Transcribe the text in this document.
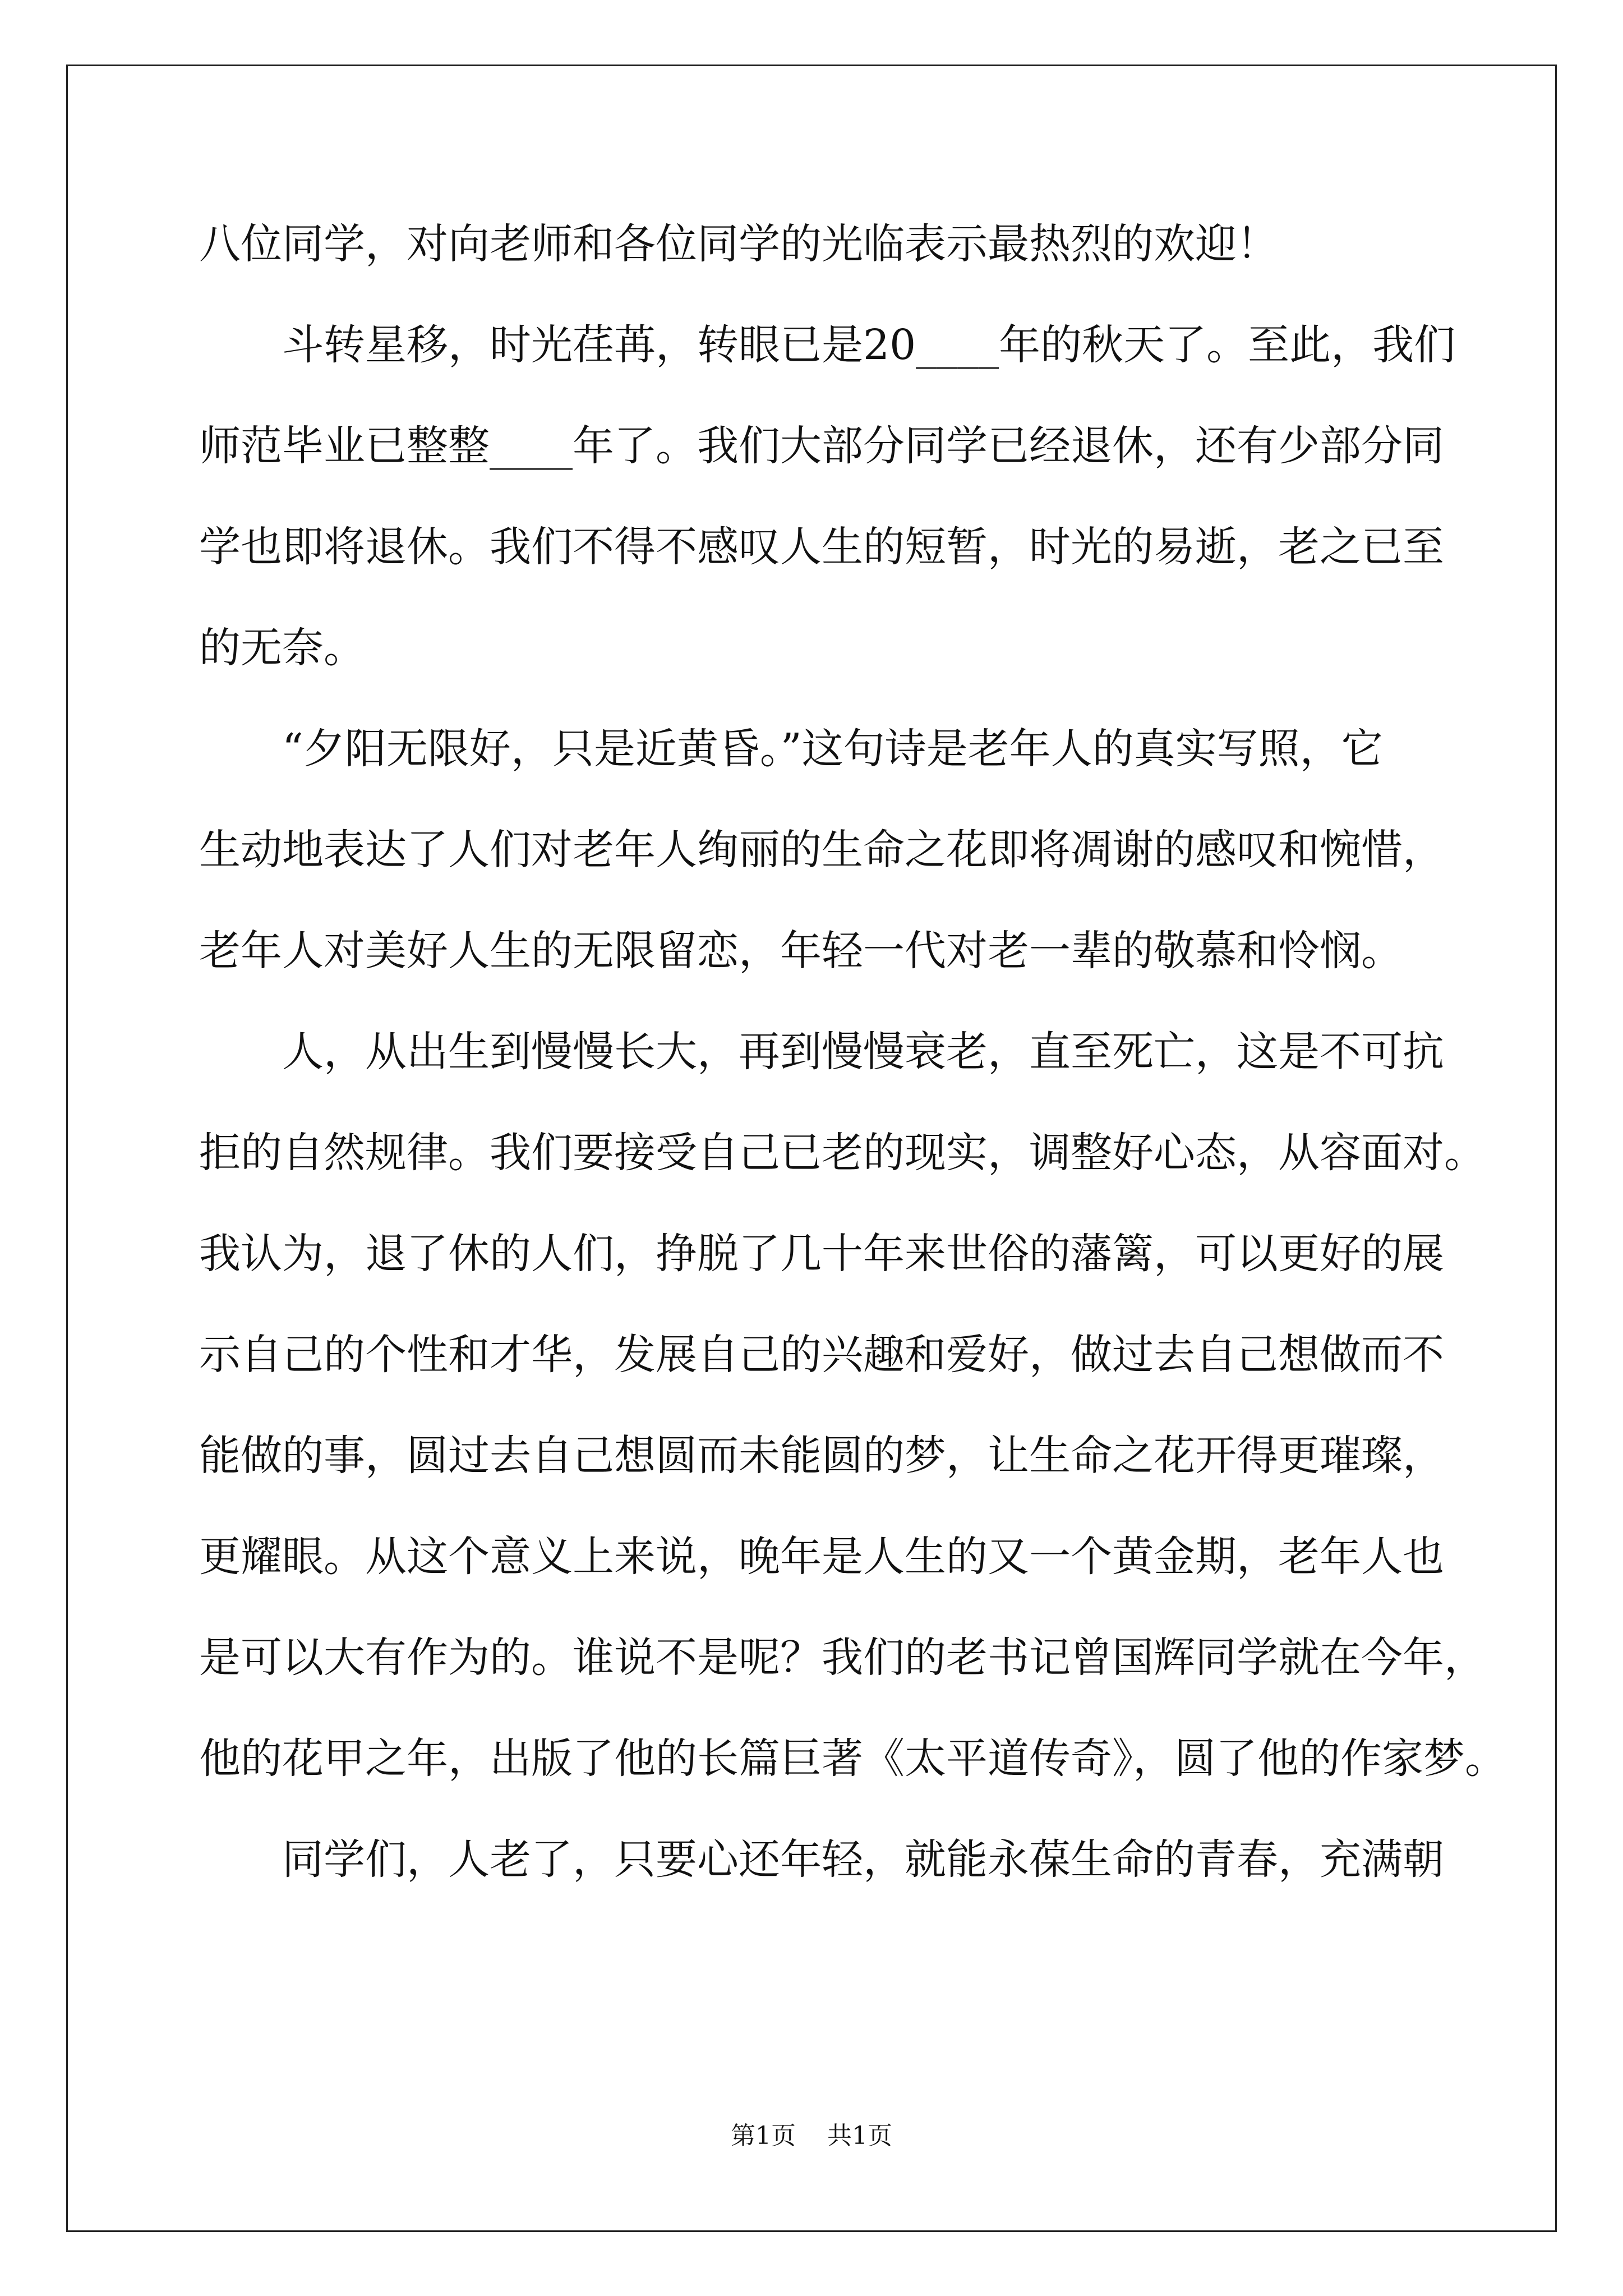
八位同学，对向老师和各位同学的光临表示最热烈的欢迎！
斗转星移，时光荏苒，转眼已是20____年的秋天了。至此，我们
师范毕业已整整____年了。我们大部分同学已经退休，还有少部分同
学也即将退休。我们不得不感叹人生的短暂，时光的易逝，老之已至
的无奈。
“夕阳无限好，只是近黄昏。”这句诗是老年人的真实写照，它
生动地表达了人们对老年人绚丽的生命之花即将凋谢的感叹和惋惜，
老年人对美好人生的无限留恋，年轻一代对老一辈的敬慕和怜悯。
人，从出生到慢慢长大，再到慢慢衰老，直至死亡，这是不可抗
拒的自然规律。我们要接受自己已老的现实，调整好心态，从容面对。
我认为，退了休的人们，挣脱了几十年来世俗的藩篱，可以更好的展
示自己的个性和才华，发展自己的兴趣和爱好，做过去自己想做而不
能做的事，圆过去自己想圆而未能圆的梦，让生命之花开得更璀璨，
更耀眼。从这个意义上来说，晚年是人生的又一个黄金期，老年人也
是可以大有作为的。谁说不是呢？我们的老书记曾国辉同学就在今年，
他的花甲之年，出版了他的长篇巨著《太平道传奇》，圆了他的作家梦。
同学们，人老了，只要心还年轻，就能永葆生命的青春，充满朝
第1页 共1页
